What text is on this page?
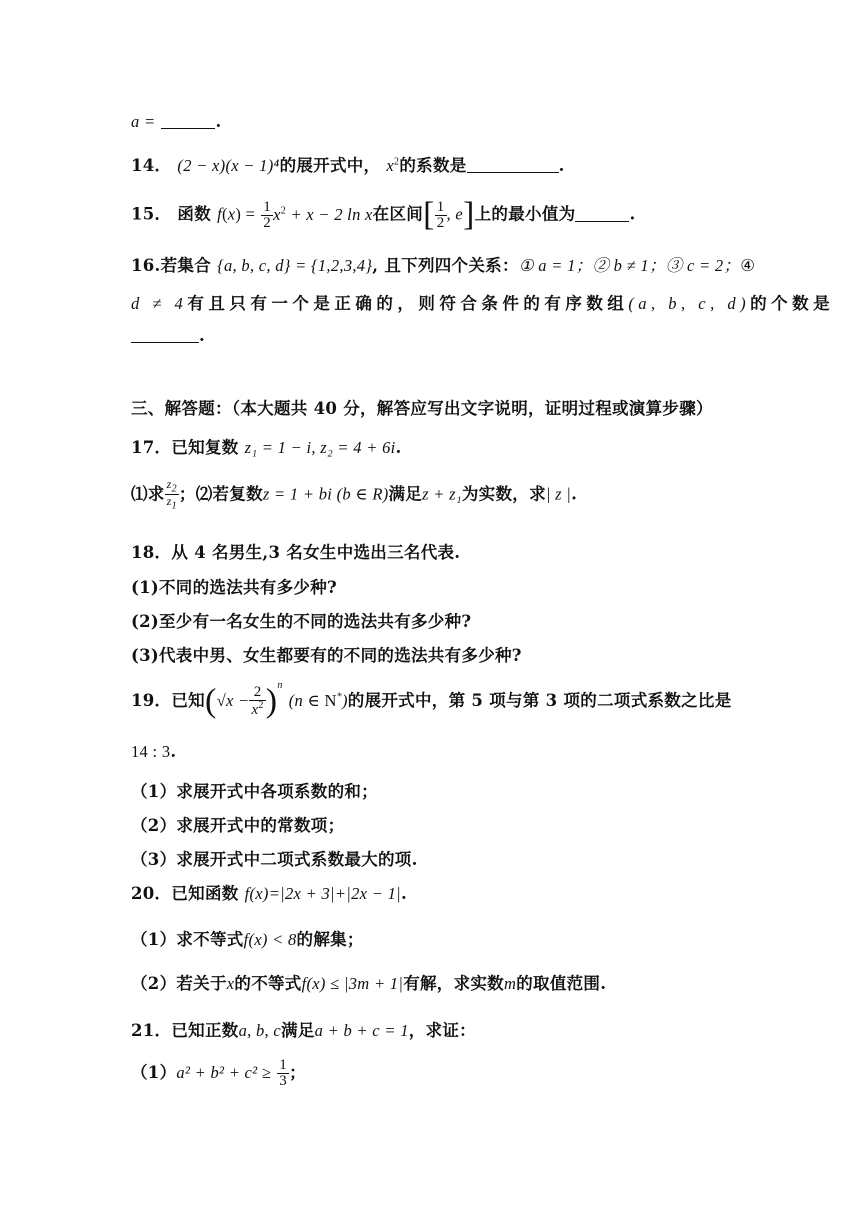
a =	.
14． (2 − x)(x − 1)⁴的展开式中， $x^2$的系数是	.
15． 函数 $f(x) = \frac{1}{2} x^2 + x - 2$ ln x在区间[ $\frac{1}{2}$ , e]上的最小值为	.
16.若集合 {a, b, c, d} = {1,2,3,4}, 且下列四个关系：① a = 1；② b ≠ 1；③ c = 2；④
d ≠ 4有且只有一个是正确的，则符合条件的有序数组(a, b, c, d)的个数是
.
三、解答题：（本大题共 40 分，解答应写出文字说明，证明过程或演算步骤）
17．已知复数 z₁ = 1 − i, z₂ = 4 + 6i.
⑴求 $\frac{z_2}{z_1}$ ；⑵若复数z = 1 + bi (b ∈ R)满足z + z₁为实数，求| z |.
18．从 4 名男生,3 名女生中选出三名代表.
(1)不同的选法共有多少种?
(2)至少有一名女生的不同的选法共有多少种?
(3)代表中男、女生都要有的不同的选法共有多少种?
19．已知$(√x - \frac{2}{x^2} )^n$ (n ∈ N*)的展开式中，第 5 项与第 3 项的二项式系数之比是
14 : 3.
（1）求展开式中各项系数的和；
（2）求展开式中的常数项；
（3）求展开式中二项式系数最大的项.
20．已知函数 f(x)=|2x + 3|+|2x − 1|.
（1）求不等式f(x) < 8的解集；
（2）若关于x的不等式f(x) ≤ |3m + 1|有解，求实数m的取值范围.
21．已知正数a, b, c满足a + b + c = 1，求证：
$(1)a^2 + b^2 + c^2 \ge \frac{1}{3}$ ；
